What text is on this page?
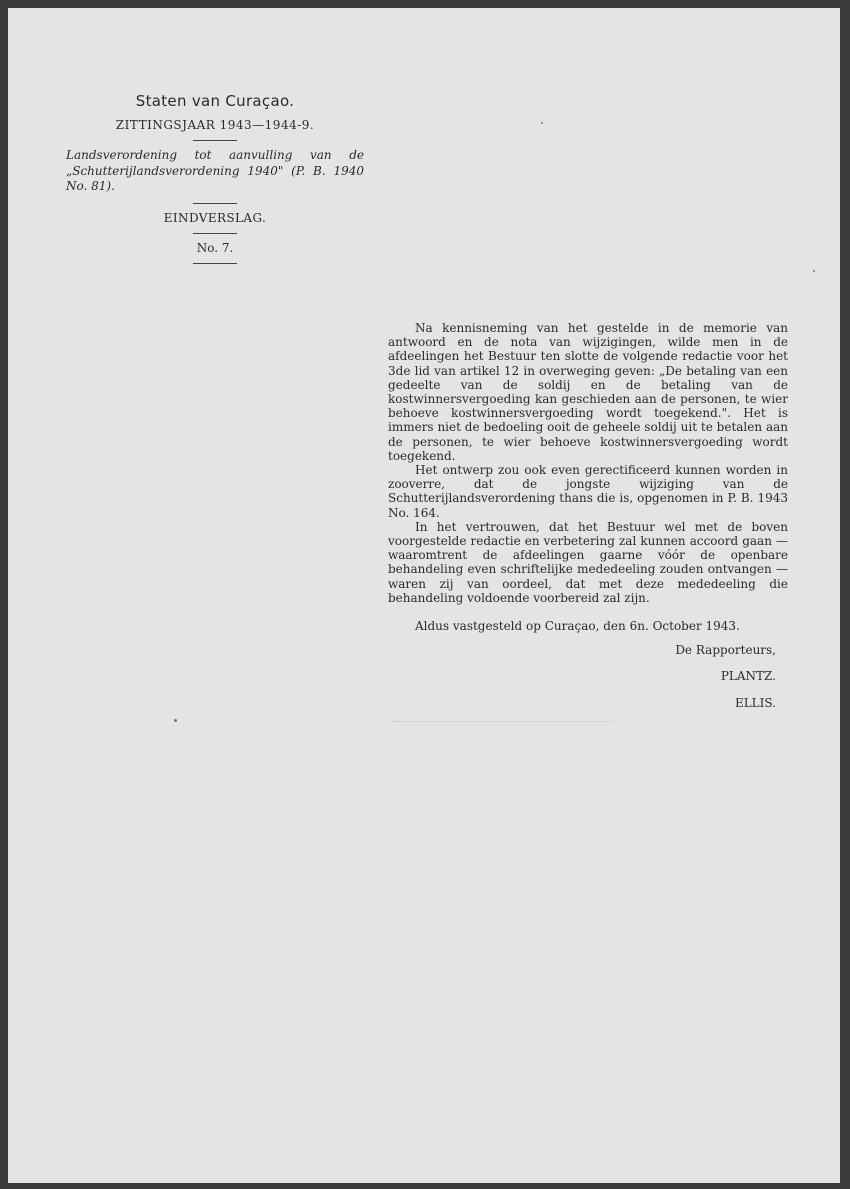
Staten van Curaçao.
ZITTINGSJAAR 1943—1944-9.

Landsverordening tot aanvulling van de „Schutterijlandsverordening 1940" (P. B. 1940 No. 81).

EINDVERSLAG.
No. 7.

Na kennisneming van het gestelde in de memorie van antwoord en de nota van wijzigingen, wilde men in de afdeelingen het Bestuur ten slotte de volgende redactie voor het 3de lid van artikel 12 in overweging geven: „De betaling van een gedeelte van de soldij en de betaling van de kostwinnersvergoeding kan geschieden aan de personen, te wier behoeve kostwinnersvergoeding wordt toegekend.". Het is immers niet de bedoeling ooit de geheele soldij uit te betalen aan de personen, te wier behoeve kostwinnersvergoeding wordt toegekend.

Het ontwerp zou ook even gerectificeerd kunnen worden in zooverre, dat de jongste wijziging van de Schutterijlandsverordening thans die is, opgenomen in P. B. 1943 No. 164.

In het vertrouwen, dat het Bestuur wel met de boven voorgestelde redactie en verbetering zal kunnen accoord gaan — waaromtrent de afdeelingen gaarne vóór de openbare behandeling even schriftelijke mededeeling zouden ontvangen — waren zij van oordeel, dat met deze mededeeling die behandeling voldoende voorbereid zal zijn.

Aldus vastgesteld op Curaçao, den 6n. October 1943.
De Rapporteurs,
PLANTZ.
ELLIS.
